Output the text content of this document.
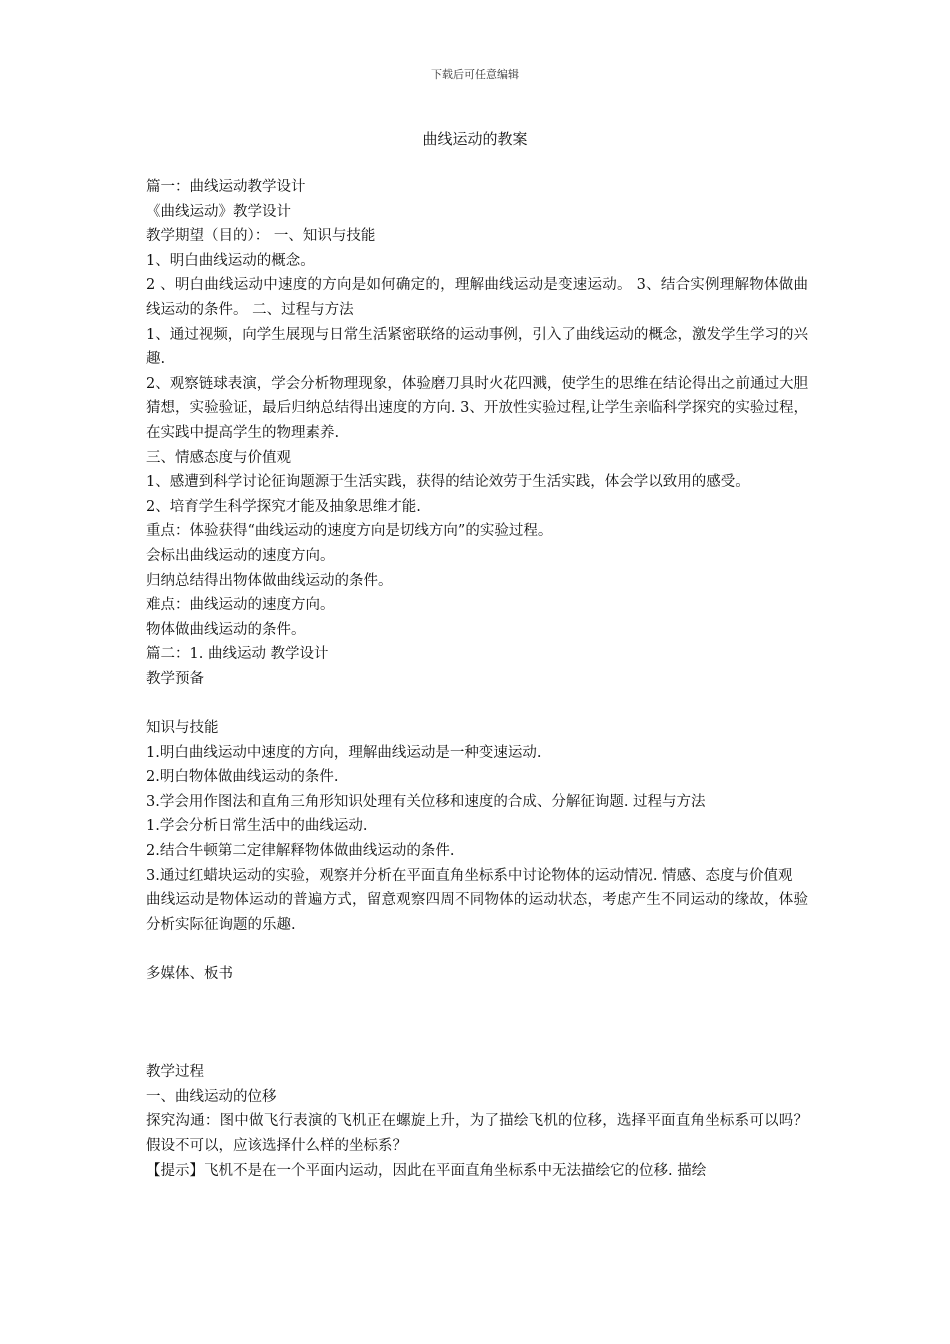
下载后可任意编辑
曲线运动的教案

篇一：曲线运动教学设计

《曲线运动》教学设计

教学期望（目的）： 一、知识与技能

1、明白曲线运动的概念。

2 、明白曲线运动中速度的方向是如何确定的，理解曲线运动是变速运动。 3、结合实例理解物体做曲线运动的条件。 二、过程与方法

1、通过视频，向学生展现与日常生活紧密联络的运动事例，引入了曲线运动的概念，激发学生学习的兴趣.

2、观察链球表演，学会分析物理现象，体验磨刀具时火花四溅，使学生的思维在结论得出之前通过大胆猜想，实验验证，最后归纳总结得出速度的方向. 3、开放性实验过程,让学生亲临科学探究的实验过程，在实践中提高学生的物理素养.

三、情感态度与价值观

1、感遭到科学讨论征询题源于生活实践，获得的结论效劳于生活实践，体会学以致用的感受。

2、培育学生科学探究才能及抽象思维才能.

重点：体验获得“曲线运动的速度方向是切线方向”的实验过程。

会标出曲线运动的速度方向。

归纳总结得出物体做曲线运动的条件。

难点：曲线运动的速度方向。

物体做曲线运动的条件。

篇二：1. 曲线运动 教学设计

教学预备

知识与技能

1.明白曲线运动中速度的方向，理解曲线运动是一种变速运动.

2.明白物体做曲线运动的条件.

3.学会用作图法和直角三角形知识处理有关位移和速度的合成、分解征询题. 过程与方法

1.学会分析日常生活中的曲线运动.

2.结合牛顿第二定律解释物体做曲线运动的条件.

3.通过红蜡块运动的实验，观察并分析在平面直角坐标系中讨论物体的运动情况. 情感、态度与价值观

曲线运动是物体运动的普遍方式，留意观察四周不同物体的运动状态，考虑产生不同运动的缘故，体验分析实际征询题的乐趣.

多媒体、板书

教学过程

一、曲线运动的位移

探究沟通：图中做飞行表演的飞机正在螺旋上升，为了描绘飞机的位移，选择平面直角坐标系可以吗？假设不可以，应该选择什么样的坐标系？

【提示】飞机不是在一个平面内运动，因此在平面直角坐标系中无法描绘它的位移. 描绘
